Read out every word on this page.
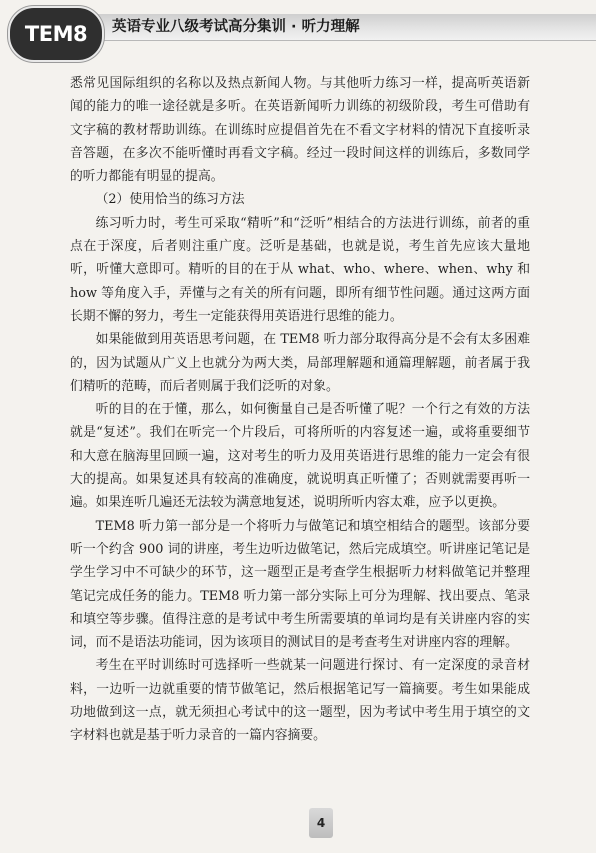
TEM8 英语专业八级考试高分集训 · 听力理解

悉常见国际组织的名称以及热点新闻人物。与其他听力练习一样，提高听英语新闻的能力的唯一途径就是多听。在英语新闻听力训练的初级阶段，考生可借助有文字稿的教材帮助训练。在训练时应提倡首先在不看文字材料的情况下直接听录音答题，在多次不能听懂时再看文字稿。经过一段时间这样的训练后，多数同学的听力都能有明显的提高。

（2）使用恰当的练习方法

练习听力时，考生可采取“精听”和“泛听”相结合的方法进行训练，前者的重点在于深度，后者则注重广度。泛听是基础，也就是说，考生首先应该大量地听，听懂大意即可。精听的目的在于从 what、who、where、when、why 和 how 等角度入手，弄懂与之有关的所有问题，即所有细节性问题。通过这两方面长期不懈的努力，考生一定能获得用英语进行思维的能力。

如果能做到用英语思考问题，在 TEM8 听力部分取得高分是不会有太多困难的，因为试题从广义上也就分为两大类，局部理解题和通篇理解题，前者属于我们精听的范畴，而后者则属于我们泛听的对象。

听的目的在于懂，那么，如何衡量自己是否听懂了呢？一个行之有效的方法就是“复述”。我们在听完一个片段后，可将所听的内容复述一遍，或将重要细节和大意在脑海里回顾一遍，这对考生的听力及用英语进行思维的能力一定会有很大的提高。如果复述具有较高的准确度，就说明真正听懂了；否则就需要再听一遍。如果连听几遍还无法较为满意地复述，说明所听内容太难，应予以更换。

TEM8 听力第一部分是一个将听力与做笔记和填空相结合的题型。该部分要听一个约含 900 词的讲座，考生边听边做笔记，然后完成填空。听讲座记笔记是学生学习中不可缺少的环节，这一题型正是考查学生根据听力材料做笔记并整理笔记完成任务的能力。TEM8 听力第一部分实际上可分为理解、找出要点、笔录和填空等步骤。值得注意的是考试中考生所需要填的单词均是有关讲座内容的实词，而不是语法功能词，因为该项目的测试目的是考查考生对讲座内容的理解。

考生在平时训练时可选择听一些就某一问题进行探讨、有一定深度的录音材料，一边听一边就重要的情节做笔记，然后根据笔记写一篇摘要。考生如果能成功地做到这一点，就无须担心考试中的这一题型，因为考试中考生用于填空的文字材料也就是基于听力录音的一篇内容摘要。

4
